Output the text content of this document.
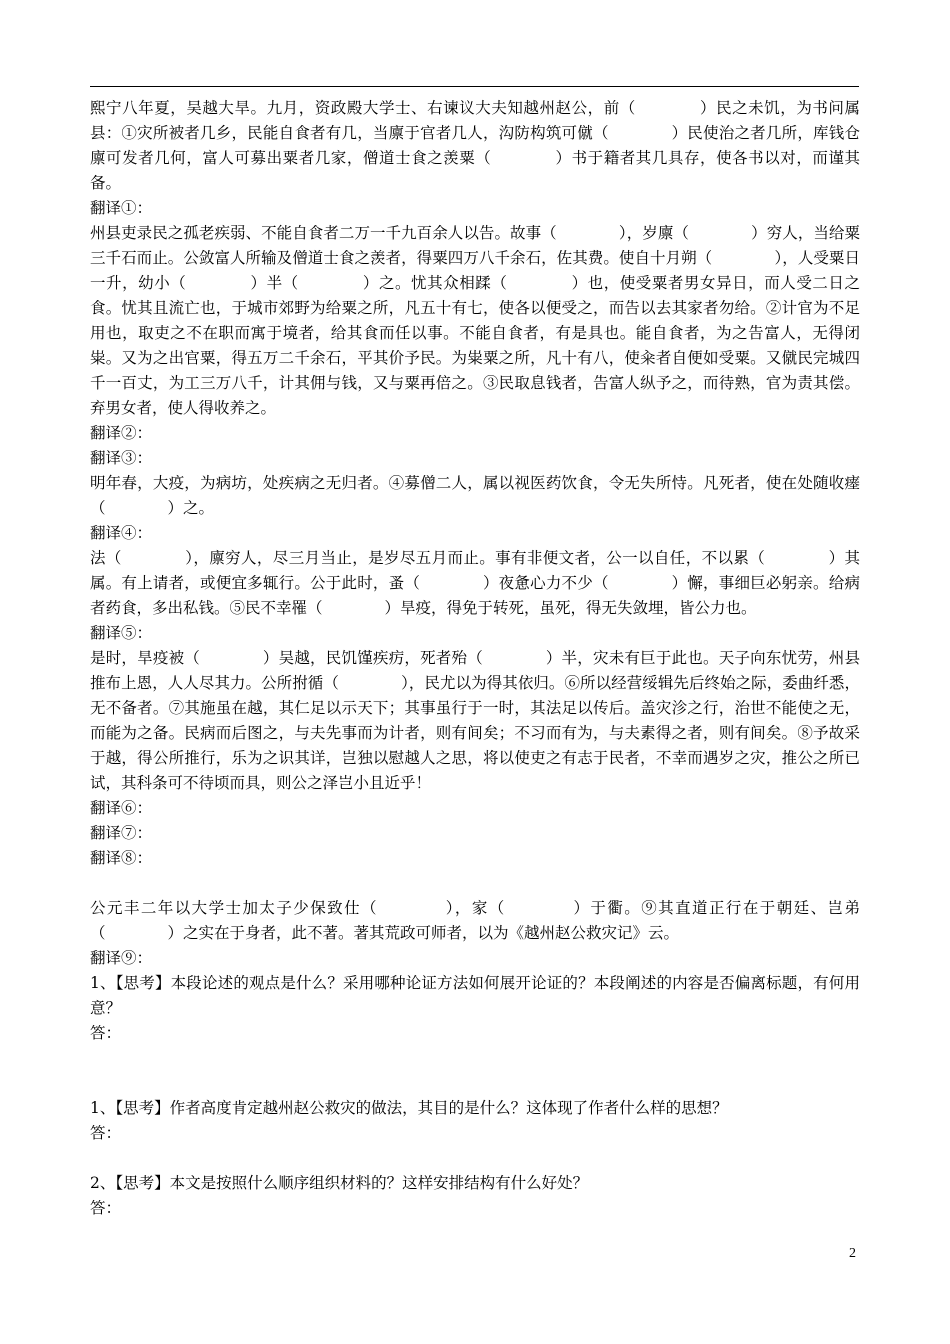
熙宁八年夏，吴越大旱。九月，资政殿大学士、右谏议大夫知越州赵公，前（　　　　）民之未饥，为书问属县：①灾所被者几乡，民能自食者有几，当廪于官者几人，沟防构筑可僦（　　　　）民使治之者几所，库钱仓廪可发者几何，富人可募出粟者几家，僧道士食之羡粟（　　　　）书于籍者其几具存，使各书以对，而谨其备。

翻译①：

州县吏录民之孤老疾弱、不能自食者二万一千九百余人以告。故事（　　　　），岁廪（　　　　）穷人，当给粟三千石而止。公敛富人所输及僧道士食之羡者，得粟四万八千余石，佐其费。使自十月朔（　　　　），人受粟日一升，幼小（　　　　）半（　　　　）之。忧其众相蹂（　　　　）也，使受粟者男女异日，而人受二日之食。忧其且流亡也，于城市郊野为给粟之所，凡五十有七，使各以便受之，而告以去其家者勿给。②计官为不足用也，取吏之不在职而寓于境者，给其食而任以事。不能自食者，有是具也。能自食者，为之告富人，无得闭粜。又为之出官粟，得五万二千余石，平其价予民。为粜粟之所，凡十有八，使籴者自便如受粟。又僦民完城四千一百丈，为工三万八千，计其佣与钱，又与粟再倍之。③民取息钱者，告富人纵予之，而待熟，官为责其偿。弃男女者，使人得收养之。

翻译②：

翻译③：

明年春，大疫，为病坊，处疾病之无归者。④募僧二人，属以视医药饮食，令无失所恃。凡死者，使在处随收瘗（　　　　）之。

翻译④：

法（　　　　），廪穷人，尽三月当止，是岁尽五月而止。事有非便文者，公一以自任，不以累（　　　　）其属。有上请者，或便宜多辄行。公于此时，蚤（　　　　）夜惫心力不少（　　　　）懈，事细巨必躬亲。给病者药食，多出私钱。⑤民不幸罹（　　　　）旱疫，得免于转死，虽死，得无失敛埋，皆公力也。

翻译⑤：

是时，旱疫被（　　　　）吴越，民饥馑疾疠，死者殆（　　　　）半，灾未有巨于此也。天子向东忧劳，州县推布上恩，人人尽其力。公所拊循（　　　　），民尤以为得其依归。⑥所以经营绥辑先后终始之际，委曲纤悉，无不备者。⑦其施虽在越，其仁足以示天下；其事虽行于一时，其法足以传后。盖灾沴之行，治世不能使之无，而能为之备。民病而后图之，与夫先事而为计者，则有间矣；不习而有为，与夫素得之者，则有间矣。⑧予故采于越，得公所推行，乐为之识其详，岂独以慰越人之思，将以使吏之有志于民者，不幸而遇岁之灾，推公之所已试，其科条可不待顷而具，则公之泽岂小且近乎！

翻译⑥：

翻译⑦：

翻译⑧：

公元丰二年以大学士加太子少保致仕（　　　　），家（　　　　）于衢。⑨其直道正行在于朝廷、岂弟（　　　　）之实在于身者，此不著。著其荒政可师者，以为《越州赵公救灾记》云。

翻译⑨：

1、【思考】本段论述的观点是什么？采用哪种论证方法如何展开论证的？本段阐述的内容是否偏离标题，有何用意？

答：

1、【思考】作者高度肯定越州赵公救灾的做法，其目的是什么？这体现了作者什么样的思想？

答：

2、【思考】本文是按照什么顺序组织材料的？这样安排结构有什么好处？

答：

2
